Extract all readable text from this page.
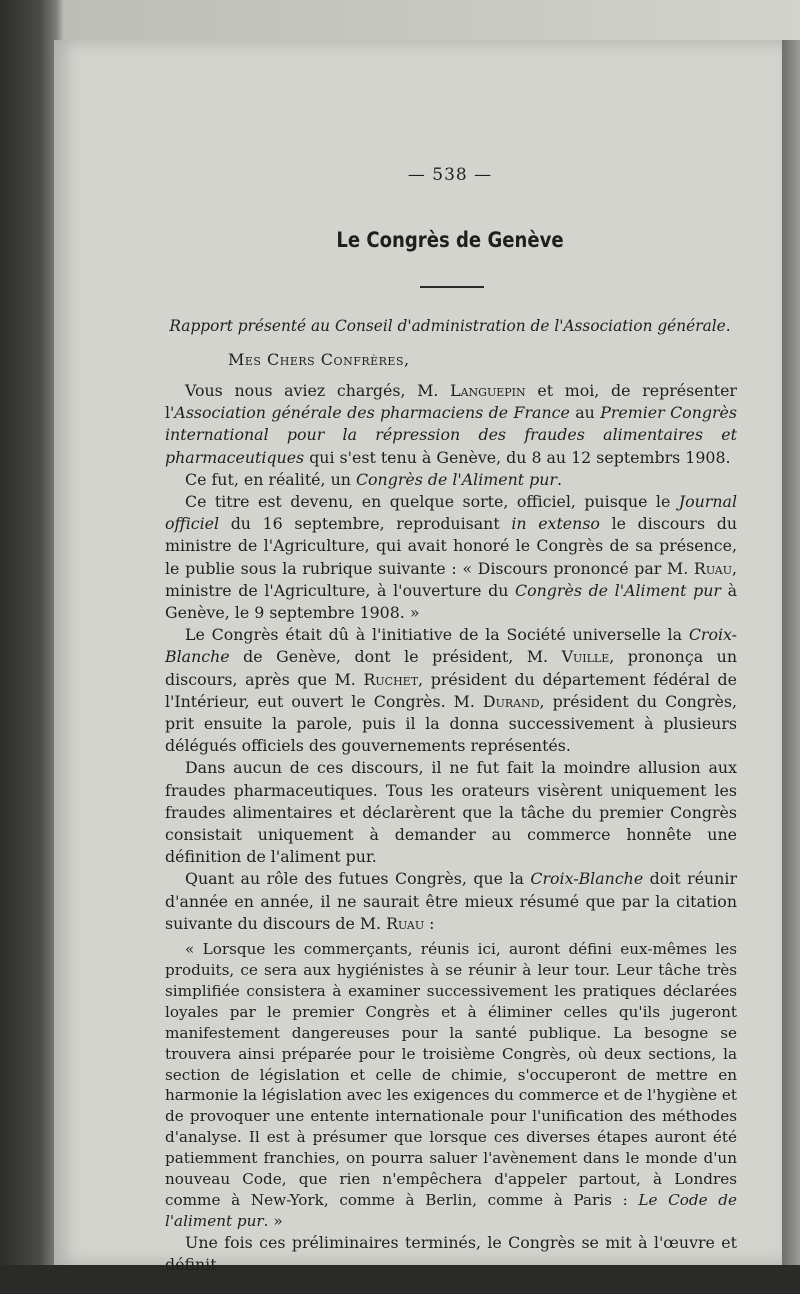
— 538 —
Le Congrès de Genève
Rapport présenté au Conseil d'administration de l'Association générale.
Mes Chers Confrères,

Vous nous aviez chargés, M. Languepin et moi, de représenter l'Association générale des pharmaciens de France au Premier Congrès international pour la répression des fraudes alimentaires et pharmaceutiques qui s'est tenu à Genève, du 8 au 12 septembrs 1908.

Ce fut, en réalité, un Congrès de l'Aliment pur.

Ce titre est devenu, en quelque sorte, officiel, puisque le Journal officiel du 16 septembre, reproduisant in extenso le discours du ministre de l'Agriculture, qui avait honoré le Congrès de sa présence, le publie sous la rubrique suivante : « Discours prononcé par M. Ruau, ministre de l'Agriculture, à l'ouverture du Congrès de l'Aliment pur à Genève, le 9 septembre 1908. »

Le Congrès était dû à l'initiative de la Société universelle la Croix-Blanche de Genève, dont le président, M. Vuille, prononça un discours, après que M. Ruchet, président du département fédéral de l'Intérieur, eut ouvert le Congrès. M. Durand, président du Congrès, prit ensuite la parole, puis il la donna successivement à plusieurs délégués officiels des gouvernements représentés.

Dans aucun de ces discours, il ne fut fait la moindre allusion aux fraudes pharmaceutiques. Tous les orateurs visèrent uniquement les fraudes alimentaires et déclarèrent que la tâche du premier Congrès consistait uniquement à demander au commerce honnête une définition de l'aliment pur.

Quant au rôle des futues Congrès, que la Croix-Blanche doit réunir d'année en année, il ne saurait être mieux résumé que par la citation suivante du discours de M. Ruau :

« Lorsque les commerçants, réunis ici, auront défini eux-mêmes les produits, ce sera aux hygiénistes à se réunir à leur tour. Leur tâche très simplifiée consistera à examiner successivement les pratiques déclarées loyales par le premier Congrès et à éliminer celles qu'ils jugeront manifestement dangereuses pour la santé publique. La besogne se trouvera ainsi préparée pour le troisième Congrès, où deux sections, la section de législation et celle de chimie, s'occuperont de mettre en harmonie la législation avec les exigences du commerce et de l'hygiène et de provoquer une entente internationale pour l'unification des méthodes d'analyse. Il est à présumer que lorsque ces diverses étapes auront été patiemment franchies, on pourra saluer l'avènement dans le monde d'un nouveau Code, que rien n'empêchera d'appeler partout, à Londres comme à New-York, comme à Berlin, comme à Paris : Le Code de l'aliment pur. »

Une fois ces préliminaires terminés, le Congrès se mit à l'œuvre et définit
